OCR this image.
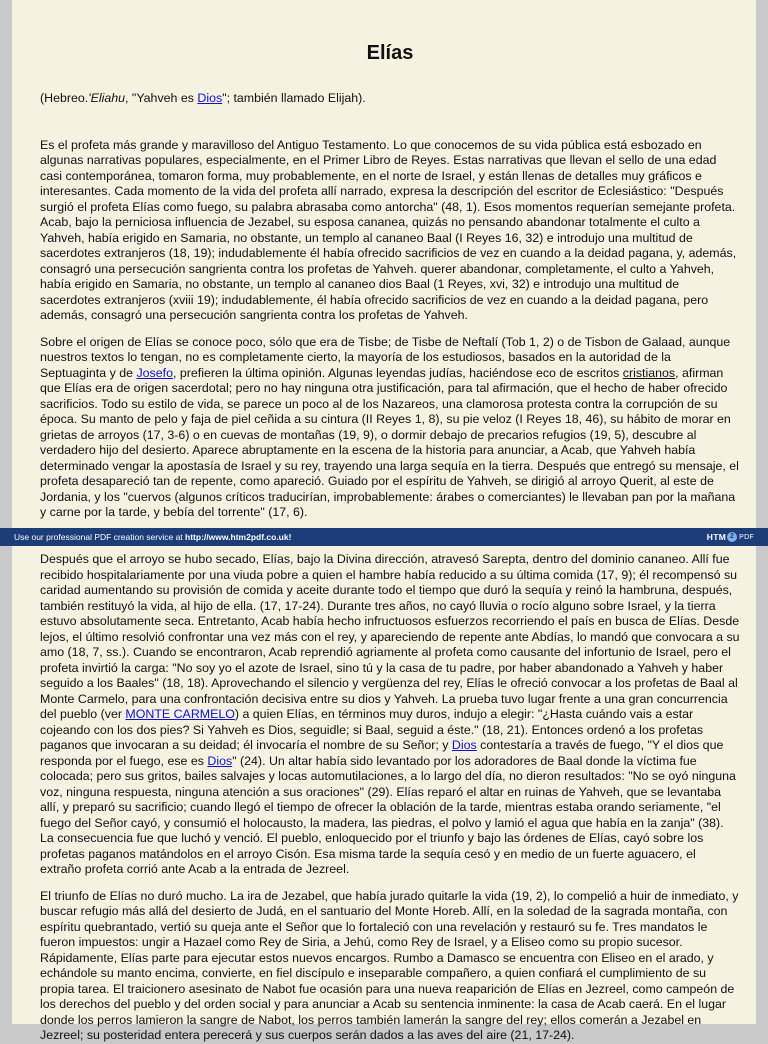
Elías

(Hebreo.'Eliahu, "Yahveh es Dios"; también llamado Elijah).

Es el profeta más grande y maravilloso del Antiguo Testamento. Lo que conocemos de su vida pública está esbozado en algunas narrativas populares, especialmente, en el Primer Libro de Reyes. Estas narrativas que llevan el sello de una edad casi contemporánea, tomaron forma, muy probablemente, en el norte de Israel, y están llenas de detalles muy gráficos e interesantes. Cada momento de la vida del profeta allí narrado, expresa la descripción del escritor de Eclesiástico: "Después surgió el profeta Elías como fuego, su palabra abrasaba como antorcha" (48, 1). Esos momentos requerían semejante profeta. Acab, bajo la perniciosa influencia de Jezabel, su esposa cananea, quizás no pensando abandonar totalmente el culto a Yahveh, había erigido en Samaria, no obstante, un templo al cananeo Baal (I Reyes 16, 32) e introdujo una multitud de sacerdotes extranjeros (18, 19); indudablemente él había ofrecido sacrificios de vez en cuando a la deidad pagana, y, además, consagró una persecución sangrienta contra los profetas de Yahveh. querer abandonar, completamente, el culto a Yahveh, había erigido en Samaria, no obstante, un templo al cananeo dios Baal (1 Reyes, xvi, 32) e introdujo una multitud de sacerdotes extranjeros (xviii 19); indudablemente, él había ofrecido sacrificios de vez en cuando a la deidad pagana, pero además, consagró una persecución sangrienta contra los profetas de Yahveh.

Sobre el origen de Elías se conoce poco, sólo que era de Tisbe; de Tisbe de Neftalí (Tob 1, 2) o de Tisbon de Galaad, aunque nuestros textos lo tengan, no es completamente cierto, la mayoría de los estudiosos, basados en la autoridad de la Septuaginta y de Josefo, prefieren la última opinión. Algunas leyendas judías, haciéndose eco de escritos cristianos, afirman que Elías era de origen sacerdotal; pero no hay ninguna otra justificación, para tal afirmación, que el hecho de haber ofrecido sacrificios. Todo su estilo de vida, se parece un poco al de los Nazareos, una clamorosa protesta contra la corrupción de su época. Su manto de pelo y faja de piel ceñida a su cintura (II Reyes 1, 8), su pie veloz (I Reyes 18, 46), su hábito de morar en grietas de arroyos (17, 3-6) o en cuevas de montañas (19, 9), o dormir debajo de precarios refugios (19, 5), descubre al verdadero hijo del desierto. Aparece abruptamente en la escena de la historia para anunciar, a Acab, que Yahveh había determinado vengar la apostasía de Israel y su rey, trayendo una larga sequía en la tierra. Después que entregó su mensaje, el profeta desapareció tan de repente, como apareció. Guiado por el espíritu de Yahveh, se dirigió al arroyo Querit, al este de Jordania, y los "cuervos (algunos críticos traducirían, improbablemente: árabes o comerciantes) le llevaban pan por la mañana y carne por la tarde, y bebía del torrente" (17, 6).

Use our professional PDF creation service at http://www.htm2pdf.co.uk!	HTM 2 PDF

Después que el arroyo se hubo secado, Elías, bajo la Divina dirección, atravesó Sarepta, dentro del dominio cananeo. Allí fue recibido hospitalariamente por una viuda pobre a quien el hambre había reducido a su última comida (17, 9); él recompensó su caridad aumentando su provisión de comida y aceite durante todo el tiempo que duró la sequía y reinó la hambruna, después, también restituyó la vida, al hijo de ella. (17, 17-24). Durante tres años, no cayó lluvia o rocío alguno sobre Israel, y la tierra estuvo absolutamente seca. Entretanto, Acab había hecho infructuosos esfuerzos recorriendo el país en busca de Elías. Desde lejos, el último resolvió confrontar una vez más con el rey, y apareciendo de repente ante Abdías, lo mandó que convocara a su amo (18, 7, ss.). Cuando se encontraron, Acab reprendió agriamente al profeta como causante del infortunio de Israel, pero el profeta invirtió la carga: "No soy yo el azote de Israel, sino tú y la casa de tu padre, por haber abandonado a Yahveh y haber seguido a los Baales" (18, 18). Aprovechando el silencio y vergüenza del rey, Elías le ofreció convocar a los profetas de Baal al Monte Carmelo, para una confrontación decisiva entre su dios y Yahveh. La prueba tuvo lugar frente a una gran concurrencia del pueblo (ver MONTE CARMELO) a quien Elías, en términos muy duros, indujo a elegir: "¿Hasta cuándo vais a estar cojeando con los dos pies? Si Yahveh es Dios, seguidle; si Baal, seguid a éste." (18, 21). Entonces ordenó a los profetas paganos que invocaran a su deidad; él invocaría el nombre de su Señor; y Dios contestaría a través de fuego, "Y el dios que responda por el fuego, ese es Dios" (24). Un altar había sido levantado por los adoradores de Baal donde la víctima fue colocada; pero sus gritos, bailes salvajes y locas automutilaciones, a lo largo del día, no dieron resultados: "No se oyó ninguna voz, ninguna respuesta, ninguna atención a sus oraciones" (29). Elías reparó el altar en ruinas de Yahveh, que se levantaba allí, y preparó su sacrificio; cuando llegó el tiempo de ofrecer la oblación de la tarde, mientras estaba orando seriamente, "el fuego del Señor cayó, y consumió el holocausto, la madera, las piedras, el polvo y lamió el agua que había en la zanja" (38). La consecuencia fue que luchó y venció. El pueblo, enloquecido por el triunfo y bajo las órdenes de Elías, cayó sobre los profetas paganos matándolos en el arroyo Cisón. Esa misma tarde la sequía cesó y en medio de un fuerte aguacero, el extraño profeta corrió ante Acab a la entrada de Jezreel.

El triunfo de Elías no duró mucho. La ira de Jezabel, que había jurado quitarle la vida (19, 2), lo compelió a huir de inmediato, y buscar refugio más allá del desierto de Judá, en el santuario del Monte Horeb. Allí, en la soledad de la sagrada montaña, con espíritu quebrantado, vertió su queja ante el Señor que lo fortaleció con una revelación y restauró su fe. Tres mandatos le fueron impuestos: ungir a Hazael como Rey de Siria, a Jehú, como Rey de Israel, y a Eliseo como su propio sucesor. Rápidamente, Elías parte para ejecutar estos nuevos encargos. Rumbo a Damasco se encuentra con Eliseo en el arado, y echándole su manto encima, convierte, en fiel discípulo e inseparable compañero, a quien confiará el cumplimiento de su propia tarea. El traicionero asesinato de Nabot fue ocasión para una nueva reaparición de Elías en Jezreel, como campeón de los derechos del pueblo y del orden social y para anunciar a Acab su sentencia inminente: la casa de Acab caerá. En el lugar donde los perros lamieron la sangre de Nabot, los perros también lamerán la sangre del rey; ellos comerán a Jezabel en Jezreel; su posteridad entera perecerá y sus cuerpos serán dados a las aves del aire (21, 17-24).
